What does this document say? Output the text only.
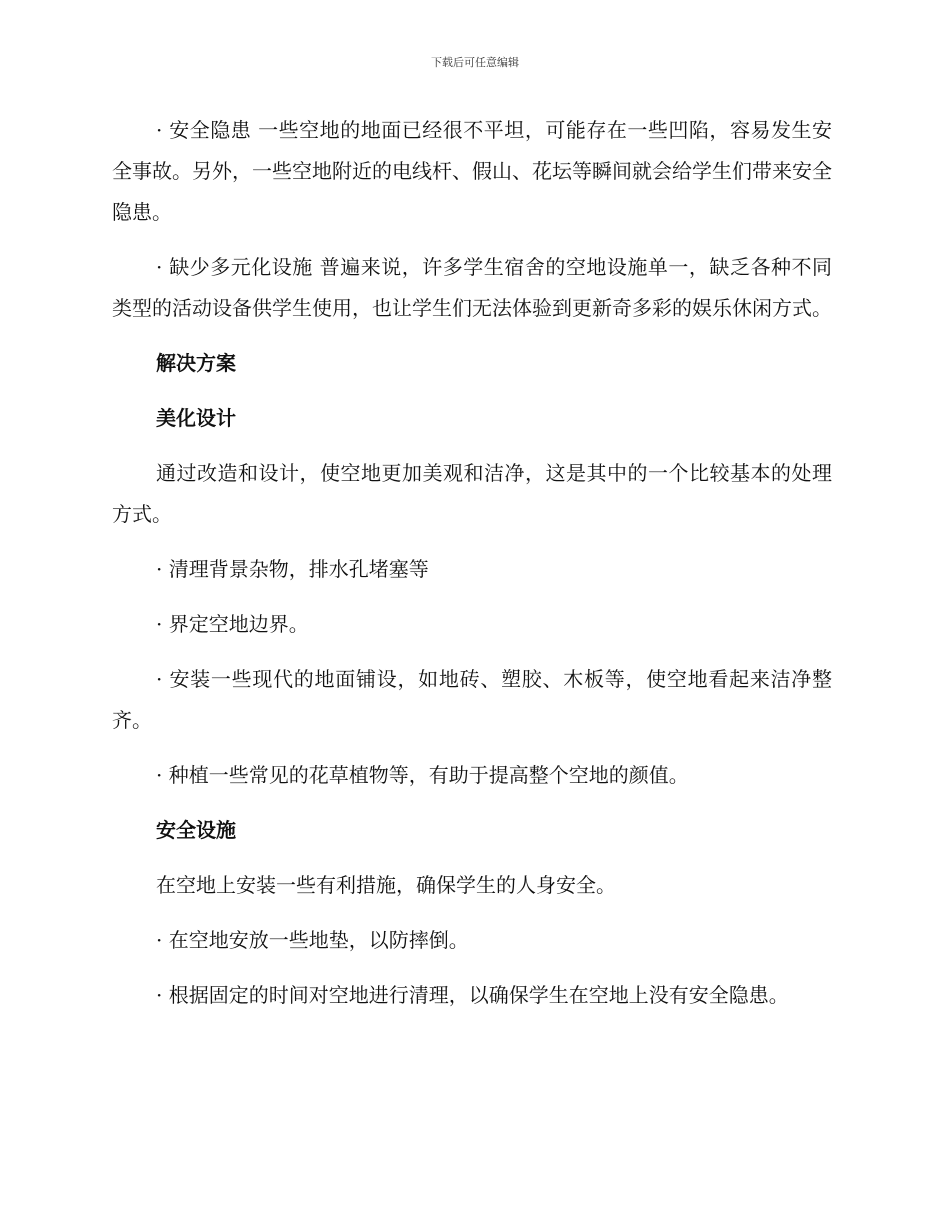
下载后可任意编辑

· 安全隐患 一些空地的地面已经很不平坦，可能存在一些凹陷，容易发生安全事故。另外，一些空地附近的电线杆、假山、花坛等瞬间就会给学生们带来安全隐患。

· 缺少多元化设施 普遍来说，许多学生宿舍的空地设施单一，缺乏各种不同类型的活动设备供学生使用，也让学生们无法体验到更新奇多彩的娱乐休闲方式。

解决方案

美化设计

通过改造和设计，使空地更加美观和洁净，这是其中的一个比较基本的处理方式。

· 清理背景杂物，排水孔堵塞等

· 界定空地边界。

· 安装一些现代的地面铺设，如地砖、塑胶、木板等，使空地看起来洁净整齐。

· 种植一些常见的花草植物等，有助于提高整个空地的颜值。

安全设施

在空地上安装一些有利措施，确保学生的人身安全。

· 在空地安放一些地垫，以防摔倒。

· 根据固定的时间对空地进行清理，以确保学生在空地上没有安全隐患。
